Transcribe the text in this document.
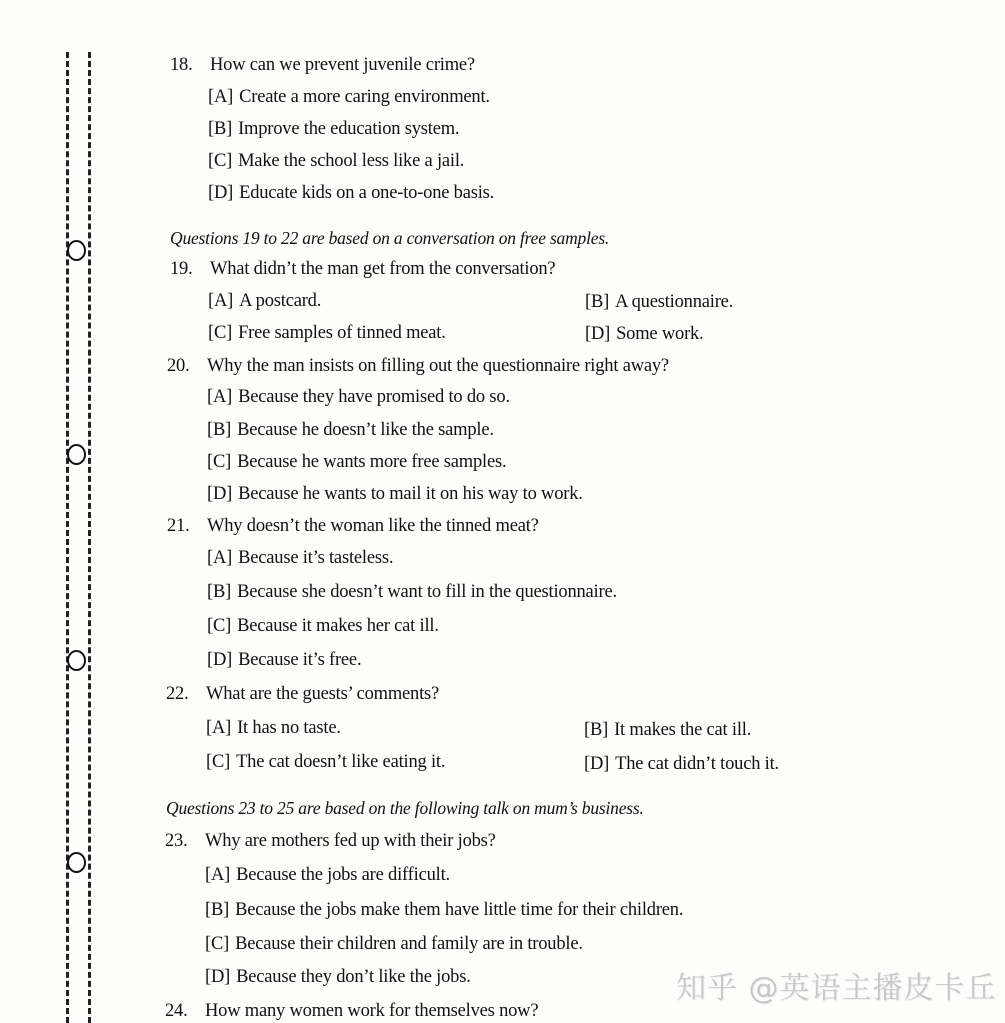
18. How can we prevent juvenile crime?
[A] Create a more caring environment.
[B] Improve the education system.
[C] Make the school less like a jail.
[D] Educate kids on a one-to-one basis.
Questions 19 to 22 are based on a conversation on free samples.
19. What didn’t the man get from the conversation?
[A] A postcard.	[B] A questionnaire.
[C] Free samples of tinned meat.	[D] Some work.
20. Why the man insists on filling out the questionnaire right away?
[A] Because they have promised to do so.
[B] Because he doesn’t like the sample.
[C] Because he wants more free samples.
[D] Because he wants to mail it on his way to work.
21. Why doesn’t the woman like the tinned meat?
[A] Because it’s tasteless.
[B] Because she doesn’t want to fill in the questionnaire.
[C] Because it makes her cat ill.
[D] Because it’s free.
22. What are the guests’ comments?
[A] It has no taste.	[B] It makes the cat ill.
[C] The cat doesn’t like eating it.	[D] The cat didn’t touch it.
Questions 23 to 25 are based on the following talk on mum’s business.
23. Why are mothers fed up with their jobs?
[A] Because the jobs are difficult.
[B] Because the jobs make them have little time for their children.
[C] Because their children and family are in trouble.
[D] Because they don’t like the jobs.
24. How many women work for themselves now?
知乎 @英语主播皮卡丘
